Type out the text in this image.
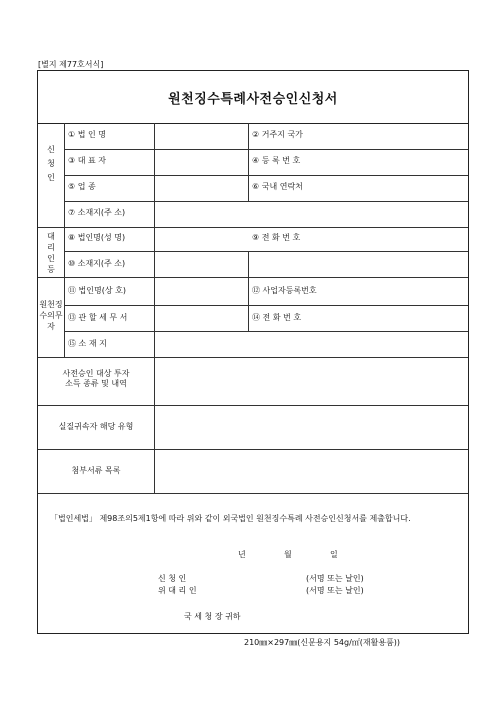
[별지 제77호서식]
원천징수특례사전승인신청서
신
청
인
① 법 인 명	② 거주지 국가
③ 대 표 자	④ 등 록 번 호
⑤ 업 종	⑥ 국내 연락처
⑦ 소재지(주 소)
대
리
인
등
⑧ 법인명(성 명)	⑨ 전 화 번 호
⑩ 소재지(주 소)
원천징
수의무
자
⑪ 법인명(상 호)	⑫ 사업자등록번호
⑬ 관 할 세 무 서	⑭ 전 화 번 호
⑮ 소 재 지
사전승인 대상 투자
소득 종류 및 내역
실질귀속자 해당 유형
첨부서류 목록
「법인세법」 제98조의5제1항에 따라 위와 같이 외국법인 원천징수특례 사전승인신청서를 제출합니다.
년	월	일
신 청 인	(서명 또는 날인)
위 대 리 인	(서명 또는 날인)
국 세 청 장 귀하
210㎜×297㎜(신문용지 54g/㎡(재활용품))
